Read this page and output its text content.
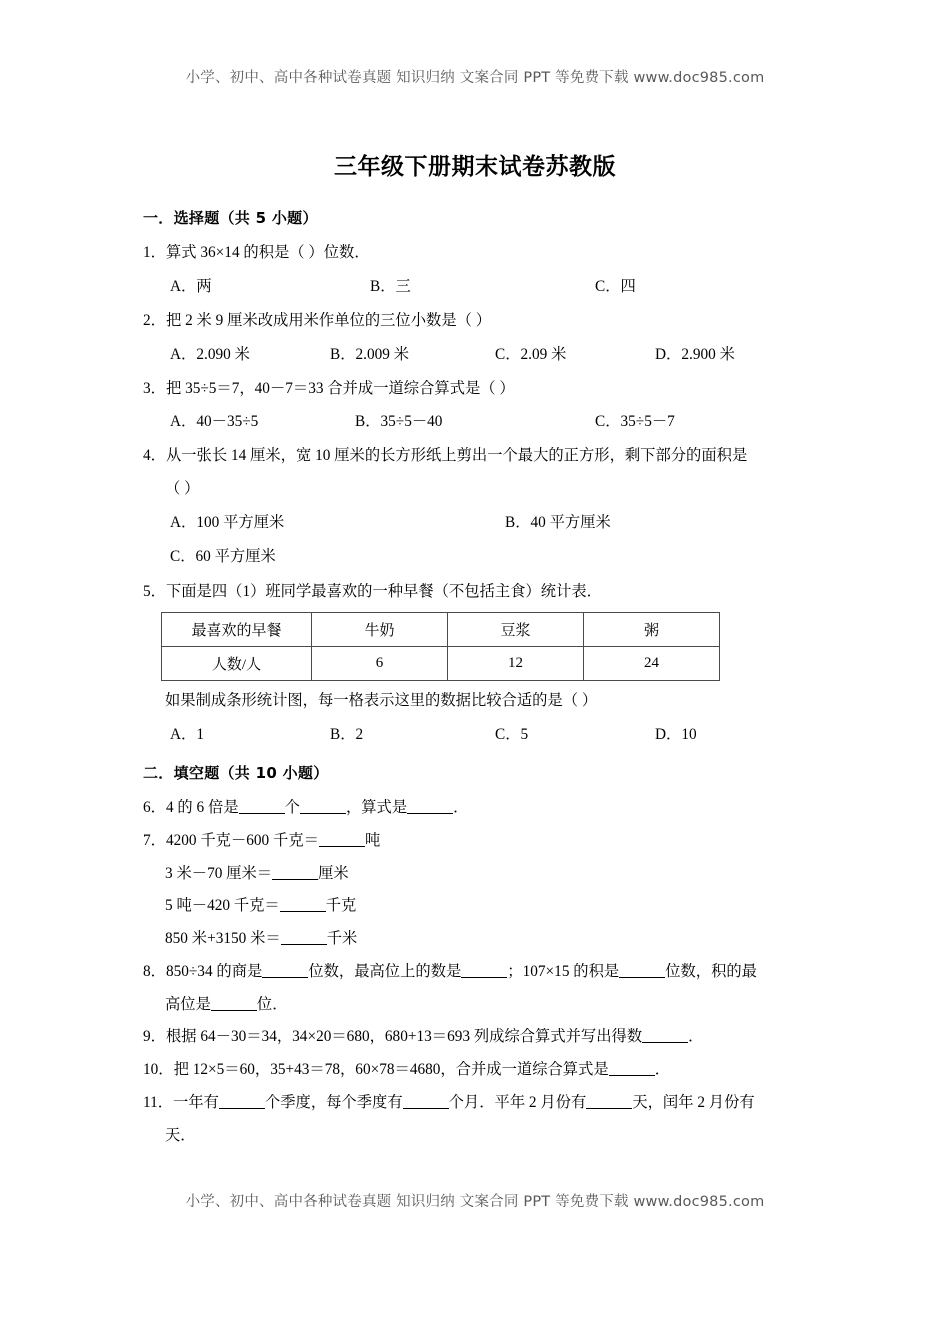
小学、初中、高中各种试卷真题 知识归纳 文案合同 PPT 等免费下载 www.doc985.com
三年级下册期末试卷苏教版
一．选择题（共 5 小题）
1．算式 36×14 的积是（ ）位数．
A．两	B．三	C．四
2．把 2 米 9 厘米改成用米作单位的三位小数是（ ）
A．2.090 米	B．2.009 米	C．2.09 米	D．2.900 米
3．把 35÷5＝7，40－7＝33 合并成一道综合算式是（ ）
A．40－35÷5	B．35÷5－40	C．35÷5－7
4．从一张长 14 厘米，宽 10 厘米的长方形纸上剪出一个最大的正方形，剩下部分的面积是
（ ）
A．100 平方厘米	B．40 平方厘米
C．60 平方厘米
5．下面是四（1）班同学最喜欢的一种早餐（不包括主食）统计表．
最喜欢的早餐	牛奶	豆浆	粥
人数/人	6	12	24
如果制成条形统计图，每一格表示这里的数据比较合适的是（ ）
A．1	B．2	C．5	D．10
二．填空题（共 10 小题）
6．4 的 6 倍是	个	，算式是	．
7．4200 千克－600 千克＝	吨
3 米－70 厘米＝	厘米
5 吨－420 千克＝	千克
850 米+3150 米＝	千米
8．850÷34 的商是	位数，最高位上的数是	；107×15 的积是	位数，积的最
高位是	位．
9．根据 64－30＝34，34×20＝680，680+13＝693 列成综合算式并写出得数	．
10．把 12×5＝60，35+43＝78，60×78＝4680，合并成一道综合算式是	．
11．一年有	个季度，每个季度有	个月．平年 2 月份有	天，闰年 2 月份有
天．
小学、初中、高中各种试卷真题 知识归纳 文案合同 PPT 等免费下载 www.doc985.com
